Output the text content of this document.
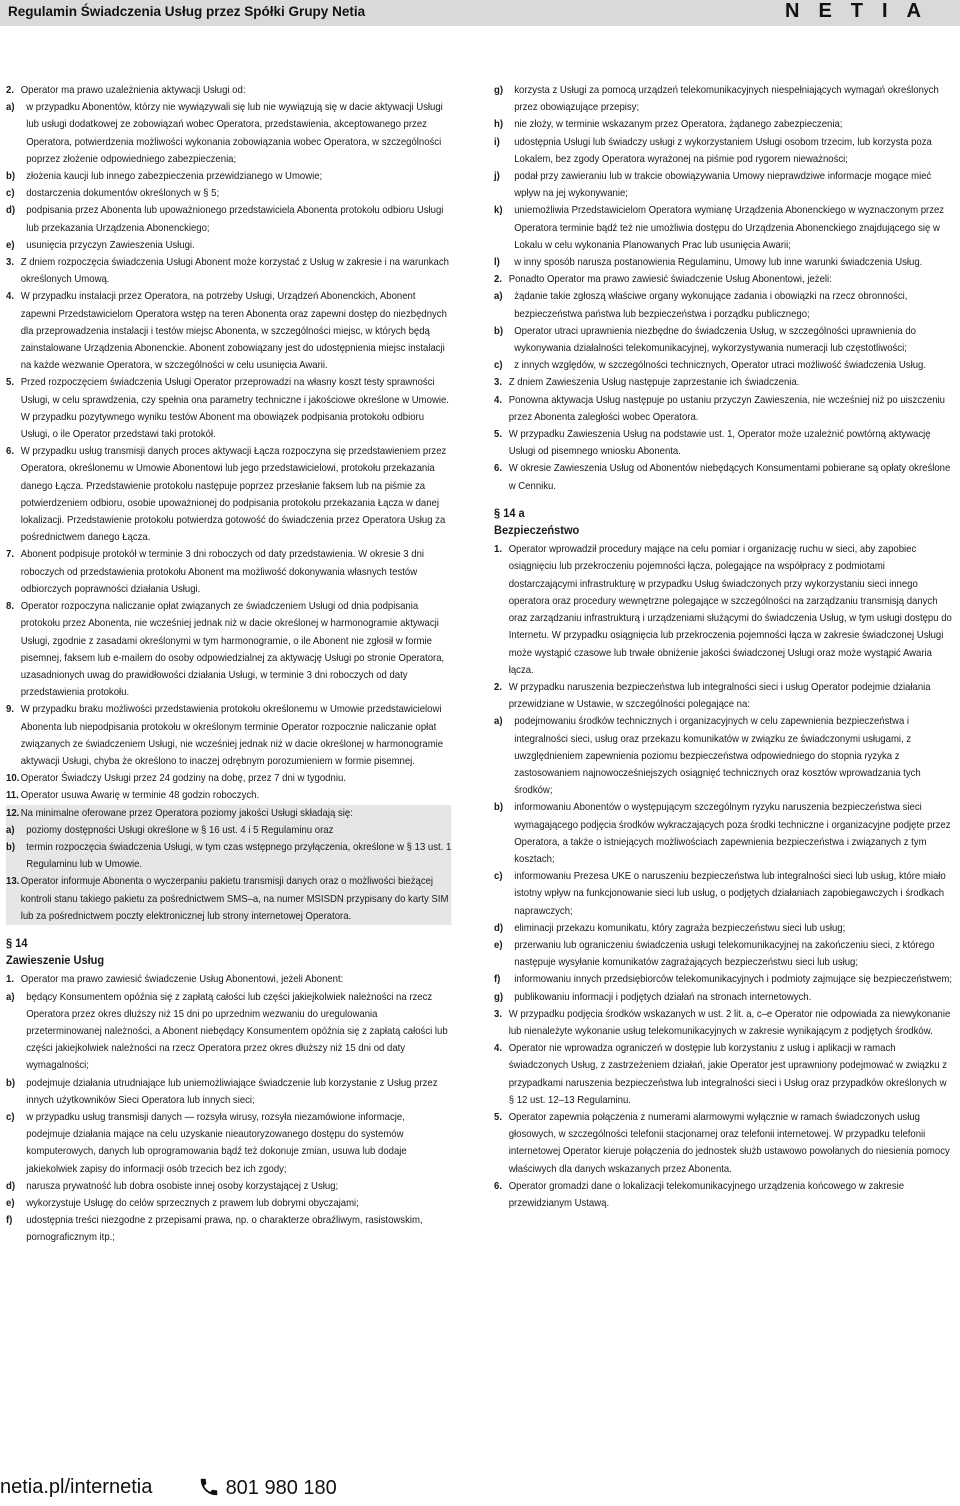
Regulamin Świadczenia Usług przez Spółki Grupy Netia	NETIA
2. Operator ma prawo uzależnienia aktywacji Usługi od:
a) w przypadku Abonentów, którzy nie wywiązywali się lub nie wywiązują się w dacie aktywacji Usługi lub usługi dodatkowej ze zobowiązań wobec Operatora, przedstawienia, akceptowanego przez Operatora, potwierdzenia możliwości wykonania zobowiązania wobec Operatora, w szczególności poprzez złożenie odpowiedniego zabezpieczenia;
b) złożenia kaucji lub innego zabezpieczenia przewidzianego w Umowie;
c) dostarczenia dokumentów określonych w § 5;
d) podpisania przez Abonenta lub upoważnionego przedstawiciela Abonenta protokołu odbioru Usługi lub przekazania Urządzenia Abonenckiego;
e) usunięcia przyczyn Zawieszenia Usługi.
3. Z dniem rozpoczęcia świadczenia Usługi Abonent może korzystać z Usług w zakresie i na warunkach określonych Umową.
4. W przypadku instalacji przez Operatora, na potrzeby Usługi, Urządzeń Abonenckich, Abonent zapewni Przedstawicielom Operatora wstęp na teren Abonenta oraz zapewni dostęp do niezbędnych dla przeprowadzenia instalacji i testów miejsc Abonenta, w szczególności miejsc, w których będą zainstalowane Urządzenia Abonenckie. Abonent zobowiązany jest do udostępnienia miejsc instalacji na każde wezwanie Operatora, w szczególności w celu usunięcia Awarii.
5. Przed rozpoczęciem świadczenia Usługi Operator przeprowadzi na własny koszt testy sprawności Usługi, w celu sprawdzenia, czy spełnia ona parametry techniczne i jakościowe określone w Umowie. W przypadku pozytywnego wyniku testów Abonent ma obowiązek podpisania protokołu odbioru Usługi, o ile Operator przedstawi taki protokół.
6. W przypadku usług transmisji danych proces aktywacji Łącza rozpoczyna się przedstawieniem przez Operatora, określonemu w Umowie Abonentowi lub jego przedstawicielowi, protokołu przekazania danego Łącza. Przedstawienie protokołu następuje poprzez przesłanie faksem lub na piśmie za potwierdzeniem odbioru, osobie upoważnionej do podpisania protokołu przekazania Łącza w danej lokalizacji. Przedstawienie protokołu potwierdza gotowość do świadczenia przez Operatora Usług za pośrednictwem danego Łącza.
7. Abonent podpisuje protokół w terminie 3 dni roboczych od daty przedstawienia. W okresie 3 dni roboczych od przedstawienia protokołu Abonent ma możliwość dokonywania własnych testów odbiorczych poprawności działania Usługi.
8. Operator rozpoczyna naliczanie opłat związanych ze świadczeniem Usługi od dnia podpisania protokołu przez Abonenta, nie wcześniej jednak niż w dacie określonej w harmonogramie aktywacji Usługi, zgodnie z zasadami określonymi w tym harmonogramie, o ile Abonent nie zgłosił w formie pisemnej, faksem lub e-mailem do osoby odpowiedzialnej za aktywację Usługi po stronie Operatora, uzasadnionych uwag do prawidłowości działania Usługi, w terminie 3 dni roboczych od daty przedstawienia protokołu.
9. W przypadku braku możliwości przedstawienia protokołu określonemu w Umowie przedstawicielowi Abonenta lub niepodpisania protokołu w określonym terminie Operator rozpocznie naliczanie opłat związanych ze świadczeniem Usługi, nie wcześniej jednak niż w dacie określonej w harmonogramie aktywacji Usługi, chyba że określono to inaczej odrębnym porozumieniem w formie pisemnej.
10. Operator Świadczy Usługi przez 24 godziny na dobę, przez 7 dni w tygodniu.
11. Operator usuwa Awarię w terminie 48 godzin roboczych.
12. Na minimalne oferowane przez Operatora poziomy jakości Usługi składają się:
a) poziomy dostępności Usługi określone w § 16 ust. 4 i 5 Regulaminu oraz
b) termin rozpoczęcia świadczenia Usługi, w tym czas wstępnego przyłączenia, określone w § 13 ust. 1 Regulaminu lub w Umowie.
13. Operator informuje Abonenta o wyczerpaniu pakietu transmisji danych oraz o możliwości bieżącej kontroli stanu takiego pakietu za pośrednictwem SMS–a, na numer MSISDN przypisany do karty SIM lub za pośrednictwem poczty elektronicznej lub strony internetowej Operatora.
§ 14
Zawieszenie Usług
1. Operator ma prawo zawiesić świadczenie Usług Abonentowi, jeżeli Abonent:
a) będący Konsumentem opóźnia się z zapłatą całości lub części jakiejkolwiek należności na rzecz Operatora przez okres dłuższy niż 15 dni po uprzednim wezwaniu do uregulowania przeterminowanej należności, a Abonent niebędący Konsumentem opóźnia się z zapłatą całości lub części jakiejkolwiek należności na rzecz Operatora przez okres dłuższy niż 15 dni od daty wymagalności;
b) podejmuje działania utrudniające lub uniemożliwiające świadczenie lub korzystanie z Usług przez innych użytkowników Sieci Operatora lub innych sieci;
c) w przypadku usług transmisji danych — rozsyła wirusy, rozsyła niezamówione informacje, podejmuje działania mające na celu uzyskanie nieautoryzowanego dostępu do systemów komputerowych, danych lub oprogramowania bądź też dokonuje zmian, usuwa lub dodaje jakiekolwiek zapisy do informacji osób trzecich bez ich zgody;
d) narusza prywatność lub dobra osobiste innej osoby korzystającej z Usług;
e) wykorzystuje Usługę do celów sprzecznych z prawem lub dobrymi obyczajami;
f) udostępnia treści niezgodne z przepisami prawa, np. o charakterze obraźliwym, rasistowskim, pornograficznym itp.;
g) korzysta z Usługi za pomocą urządzeń telekomunikacyjnych niespełniających wymagań określonych przez obowiązujące przepisy;
h) nie złoży, w terminie wskazanym przez Operatora, żądanego zabezpieczenia;
i) udostępnia Usługi lub świadczy usługi z wykorzystaniem Usługi osobom trzecim, lub korzysta poza Lokalem, bez zgody Operatora wyrażonej na piśmie pod rygorem nieważności;
j) podał przy zawieraniu lub w trakcie obowiązywania Umowy nieprawdziwe informacje mogące mieć wpływ na jej wykonywanie;
k) uniemożliwia Przedstawicielom Operatora wymianę Urządzenia Abonenckiego w wyznaczonym przez Operatora terminie bądź też nie umożliwia dostępu do Urządzenia Abonenckiego znajdującego się w Lokalu w celu wykonania Planowanych Prac lub usunięcia Awarii;
l) w inny sposób narusza postanowienia Regulaminu, Umowy lub inne warunki świadczenia Usług.
2. Ponadto Operator ma prawo zawiesić świadczenie Usług Abonentowi, jeżeli:
a) żądanie takie zgłoszą właściwe organy wykonujące zadania i obowiązki na rzecz obronności, bezpieczeństwa państwa lub bezpieczeństwa i porządku publicznego;
b) Operator utraci uprawnienia niezbędne do świadczenia Usług, w szczególności uprawnienia do wykonywania działalności telekomunikacyjnej, wykorzystywania numeracji lub częstotliwości;
c) z innych względów, w szczególności technicznych, Operator utraci możliwość świadczenia Usług.
3. Z dniem Zawieszenia Usług następuje zaprzestanie ich świadczenia.
4. Ponowna aktywacja Usług następuje po ustaniu przyczyn Zawieszenia, nie wcześniej niż po uiszczeniu przez Abonenta zaległości wobec Operatora.
5. W przypadku Zawieszenia Usług na podstawie ust. 1, Operator może uzależnić powtórną aktywację Usługi od pisemnego wniosku Abonenta.
6. W okresie Zawieszenia Usług od Abonentów niebędących Konsumentami pobierane są opłaty określone w Cenniku.
§ 14 a
Bezpieczeństwo
1. Operator wprowadził procedury mające na celu pomiar i organizację ruchu w sieci, aby zapobiec osiągnięciu lub przekroczeniu pojemności łącza, polegające na współpracy z podmiotami dostarczającymi infrastrukturę w przypadku Usług świadczonych przy wykorzystaniu sieci innego operatora oraz procedury wewnętrzne polegające w szczególności na zarządzaniu transmisją danych oraz zarządzaniu infrastrukturą i urządzeniami służącymi do świadczenia Usług, w tym usługi dostępu do Internetu. W przypadku osiągnięcia lub przekroczenia pojemności łącza w zakresie świadczonej Usługi może wystąpić czasowe lub trwałe obniżenie jakości świadczonej Usługi oraz może wystąpić Awaria łącza.
2. W przypadku naruszenia bezpieczeństwa lub integralności sieci i usług Operator podejmie działania przewidziane w Ustawie, w szczególności polegające na:
a) podejmowaniu środków technicznych i organizacyjnych w celu zapewnienia bezpieczeństwa i integralności sieci, usług oraz przekazu komunikatów w związku ze świadczonymi usługami, z uwzględnieniem zapewnienia poziomu bezpieczeństwa odpowiedniego do stopnia ryzyka z zastosowaniem najnowocześniejszych osiągnięć technicznych oraz kosztów wprowadzania tych środków;
b) informowaniu Abonentów o występującym szczególnym ryzyku naruszenia bezpieczeństwa sieci wymagającego podjęcia środków wykraczających poza środki techniczne i organizacyjne podjęte przez Operatora, a także o istniejących możliwościach zapewnienia bezpieczeństwa i związanych z tym kosztach;
c) informowaniu Prezesa UKE o naruszeniu bezpieczeństwa lub integralności sieci lub usług, które miało istotny wpływ na funkcjonowanie sieci lub usług, o podjętych działaniach zapobiegawczych i środkach naprawczych;
d) eliminacji przekazu komunikatu, który zagraża bezpieczeństwu sieci lub usług;
e) przerwaniu lub ograniczeniu świadczenia usługi telekomunikacyjnej na zakończeniu sieci, z którego następuje wysyłanie komunikatów zagrażających bezpieczeństwu sieci lub usług;
f) informowaniu innych przedsiębiorców telekomunikacyjnych i podmioty zajmujące się bezpieczeństwem;
g) publikowaniu informacji i podjętych działań na stronach internetowych.
3. W przypadku podjęcia środków wskazanych w ust. 2 lit. a, c–e Operator nie odpowiada za niewykonanie lub nienależyte wykonanie usług telekomunikacyjnych w zakresie wynikającym z podjętych środków.
4. Operator nie wprowadza ograniczeń w dostępie lub korzystaniu z usług i aplikacji w ramach świadczonych Usług, z zastrzeżeniem działań, jakie Operator jest uprawniony podejmować w związku z przypadkami naruszenia bezpieczeństwa lub integralności sieci i Usług oraz przypadków określonych w § 12 ust. 12–13 Regulaminu.
5. Operator zapewnia połączenia z numerami alarmowymi wyłącznie w ramach świadczonych usług głosowych, w szczególności telefonii stacjonarnej oraz telefonii internetowej. W przypadku telefonii internetowej Operator kieruje połączenia do jednostek służb ustawowo powołanych do niesienia pomocy właściwych dla danych wskazanych przez Abonenta.
6. Operator gromadzi dane o lokalizacji telekomunikacyjnego urządzenia końcowego w zakresie przewidzianym Ustawą.
netia.pl/internetia	801 980 180
